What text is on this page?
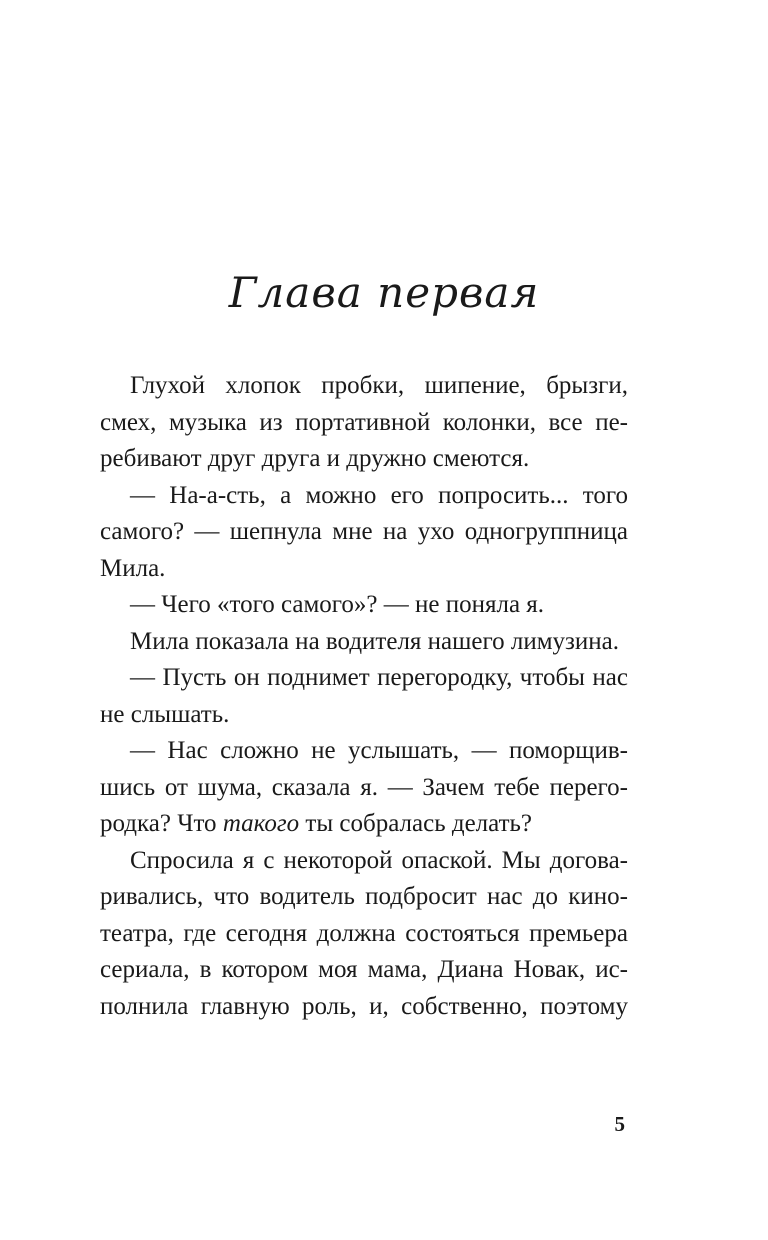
Глава первая

Глухой хлопок пробки, шипение, брызги, смех, музыка из портативной колонки, все перебивают друг друга и дружно смеются.

— На-а-сть, а можно его попросить... того самого? — шепнула мне на ухо одногруппница Мила.

— Чего «того самого»? — не поняла я.

Мила показала на водителя нашего лимузина.

— Пусть он поднимет перегородку, чтобы нас не слышать.

— Нас сложно не услышать, — поморщившись от шума, сказала я. — Зачем тебе перегородка? Что такого ты собралась делать?

Спросила я с некоторой опаской. Мы договаривались, что водитель подбросит нас до кинотеатра, где сегодня должна состояться премьера сериала, в котором моя мама, Диана Новак, исполнила главную роль, и, собственно, поэтому

5
